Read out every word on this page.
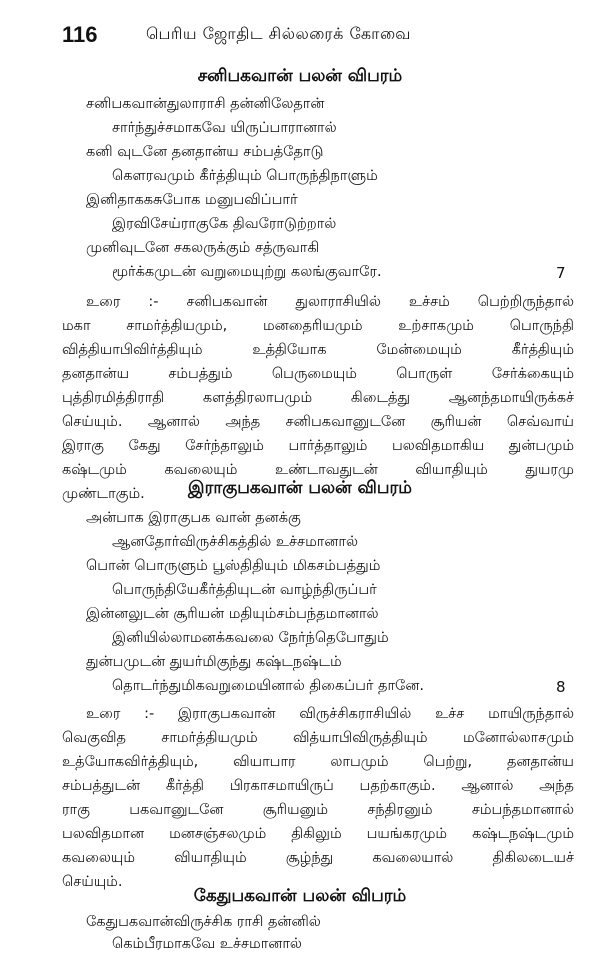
116	பெரிய ஜோதிட சில்லரைக் கோவை
சனிபகவான் பலன் விபரம்
சனிபகவான்துலாராசி தன்னிலேதான்
சார்ந்துச்சமாகவே யிருப்பாரானால்
கனி வுடனே தனதான்ய சம்பத்தோடு
கௌரவமும் கீர்த்தியும் பொருந்திநாளும்
இனிதாககசுபோக மனுபவிப்பார்
இரவிசேய்ராகுகே திவரோடுற்றால்
முனிவுடனே சகலருக்கும் சத்ருவாகி
மூர்க்கமுடன் வறுமையுற்று கலங்குவாரே.	7
உரை :- சனிபகவான் துலாராசியில் உச்சம் பெற்றிருந்தால்
மகா சாமர்த்தியமும், மனதைரியமும் உற்சாகமும் பொருந்தி
வித்தியாபிவிர்த்தியும் உத்தியோக மேன்மையும் கீர்த்தியும்
தனதான்ய சம்பத்தும் பெருமையும் பொருள் சேர்க்கையும்
புத்திரமித்திராதி களத்திரலாபமும் கிடைத்து ஆனந்தமாயிருக்கச்
செய்யும். ஆனால் அந்த சனிபகவானுடனே சூரியன் செவ்வாய்
இராகு கேது சேர்ந்தாலும் பார்த்தாலும் பலவிதமாகிய துன்பமும்
கஷ்டமும் கவலையும் உண்டாவதுடன் வியாதியும் துயரமு
முண்டாகும்.	இராகுபகவான் பலன் விபரம்
அன்பாக இராகுபக வான் தனக்கு
ஆனதோர்விருச்சிகத்தில் உச்சமானால்
பொன் பொருளும் பூஸ்திதியும் மிகசம்பத்தும்
பொருந்தியேகீர்த்தியுடன் வாழ்ந்திருப்பர்
இன்னலுடன் சூரியன் மதியும்சம்பந்தமானால்
இனியில்லாமனக்கவலை நேர்ந்தெபோதும்
துன்பமுடன் துயர்மிகுந்து கஷ்டநஷ்டம்
தொடர்ந்துமிகவறுமையினால் திகைப்பர் தானே.	8
உரை :- இராகுபகவான் விருச்சிகராசியில் உச்ச மாயிருந்தால்
வெகுவித சாமர்த்தியமும் வித்யாபிவிருத்தியும் மனோல்லாசமும்
உத்யோகவிர்த்தியும், வியாபார லாபமும் பெற்று, தனதான்ய
சம்பத்துடன் கீர்த்தி பிரகாசமாயிருப் பதற்காகும். ஆனால் அந்த
ராகு பகவானுடனே சூரியனும் சந்திரனும் சம்பந்தமானால்
பலவிதமான மனசஞ்சலமும் திகிலும் பயங்கரமும் கஷ்டநஷ்டமும்
கவலையும் வியாதியும் சூழ்ந்து கவலையால் திகிலடையச்
செய்யும்.
கேதுபகவான் பலன் விபரம்
கேதுபகவான்விருச்சிக ராசி தன்னில்
கெம்பீரமாகவே உச்சமானால்
